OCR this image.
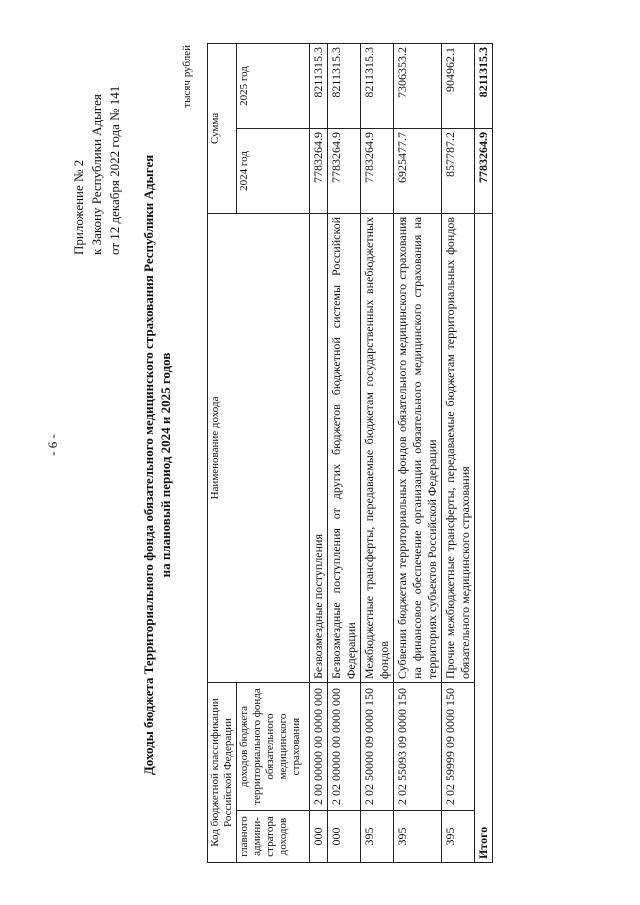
- 6 -
Приложение № 2 к Закону Республики Адыгея от 12 декабря 2022 года № 141 Доходы бюджета Территориального фонда обязательного медицинского страхования Республики Адыгея на плановый период 2024 и 2025 годов
тысяч рублей
Код бюджетной классификации Российской Федерации		Наименование дохода	Сумма	
главного админи- стратора доходов	доходов бюджета территориального фонда обязательного медицинского страхования		2024 год	2025 год
000	2 00 00000 00 0000 000	Безвозмездные поступления	7783264.9	8211315.3
000	2 02 00000 00 0000 000	Безвозмездные поступления от других бюджетов бюджетной системы Российской Федерации	7783264.9	8211315.3
395	2 02 50000 09 0000 150	Межбюджетные трансферты, передаваемые бюджетам государственных внебюджетных фондов	7783264.9	8211315.3
395	2 02 55093 09 0000 150	Субвении бюджетам территориальных фондов обязательного медицинского страхования на финансовое обеспечение организации обязательного медицинского страхования на территориях субъектов Российской Федерации	6925477.7	7306353.2
395	2 02 59999 09 0000 150	Прочие межбюджетные трансферты, передаваемые бюджетам территориальных фондов обязательного медицинского страхования	857787.2	904962.1
Итого			7783264.9	8211315.3
